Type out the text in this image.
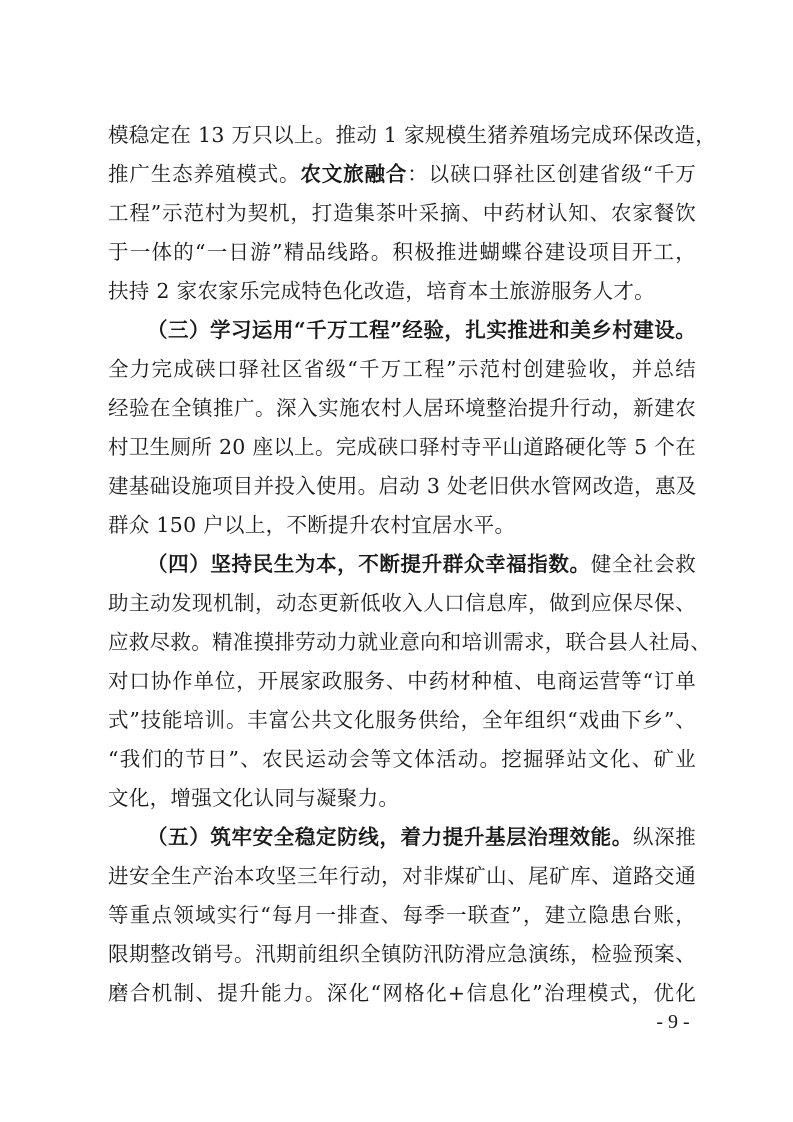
模稳定在 13 万只以上。推动 1 家规模生猪养殖场完成环保改造，
推广生态养殖模式。农文旅融合：以硖口驿社区创建省级“千万
工程”示范村为契机，打造集茶叶采摘、中药材认知、农家餐饮
于一体的“一日游”精品线路。积极推进蝴蝶谷建设项目开工，
扶持 2 家农家乐完成特色化改造，培育本土旅游服务人才。
（三）学习运用“千万工程”经验，扎实推进和美乡村建设。
全力完成硖口驿社区省级“千万工程”示范村创建验收，并总结
经验在全镇推广。深入实施农村人居环境整治提升行动，新建农
村卫生厕所 20 座以上。完成硖口驿村寺平山道路硬化等 5 个在
建基础设施项目并投入使用。启动 3 处老旧供水管网改造，惠及
群众 150 户以上，不断提升农村宜居水平。
（四）坚持民生为本，不断提升群众幸福指数。健全社会救
助主动发现机制，动态更新低收入人口信息库，做到应保尽保、
应救尽救。精准摸排劳动力就业意向和培训需求，联合县人社局、
对口协作单位，开展家政服务、中药材种植、电商运营等“订单
式”技能培训。丰富公共文化服务供给，全年组织“戏曲下乡”、
“我们的节日”、农民运动会等文体活动。挖掘驿站文化、矿业
文化，增强文化认同与凝聚力。
（五）筑牢安全稳定防线，着力提升基层治理效能。纵深推
进安全生产治本攻坚三年行动，对非煤矿山、尾矿库、道路交通
等重点领域实行“每月一排查、每季一联查”，建立隐患台账，
限期整改销号。汛期前组织全镇防汛防滑应急演练，检验预案、
磨合机制、提升能力。深化“网格化+信息化”治理模式，优化
- 9 -
